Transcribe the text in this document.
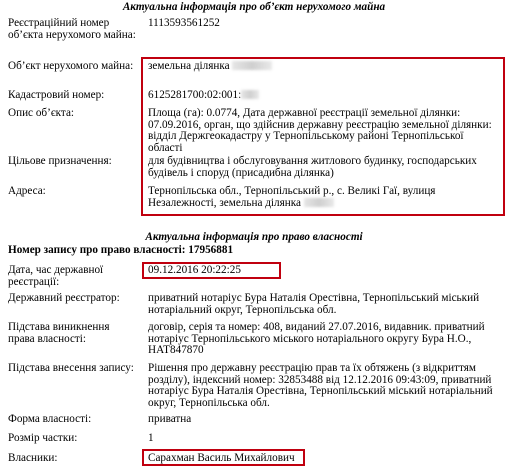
Актуальна інформація про об’єкт нерухомого майна
Реєстраційний номер об’єкта нерухомого майна:
1113593561252
Об’єкт нерухомого майна:	земельна ділянка
Кадастровий номер:	6125281700:02:001:
Опис об’єкта:	Площа (га): 0.0774, Дата державної реєстрації земельної ділянки: 07.09.2016, орган, що здійснив державну реєстрацію земельної ділянки: відділ Держгеокадастру у Тернопільському районі Тернопільської області
Цільове призначення:	для будівництва і обслуговування житлового будинку, господарських будівель і споруд (присадибна ділянка)
Адреса:	Тернопільська обл., Тернопільський р., с. Великі Гаї, вулиця Незалежності, земельна ділянка
Актуальна інформація про право власності
Номер запису про право власності: 17956881
Дата, час державної реєстрації:
09.12.2016 20:22:25
Державний реєстратор:	приватний нотаріус Бура Наталія Орестівна, Тернопільський міський нотаріальний округ, Тернопільська обл.
Підстава виникнення права власності:
договір, серія та номер: 408, виданий 27.07.2016, видавник. приватний нотаріус Тернопільського міського нотаріального округу Бура Н.О., НАТ847870
Підстава внесення запису:	Рішення про державну реєстрацію прав та їх обтяжень (з відкриттям розділу), індексний номер: 32853488 від 12.12.2016 09:43:09, приватний нотаріус Бура Наталія Орестівна, Тернопільський міський нотаріальний округ, Тернопільська обл.
Форма власності:	приватна
Розмір частки:	1
Власники:	Сарахман Василь Михайлович
